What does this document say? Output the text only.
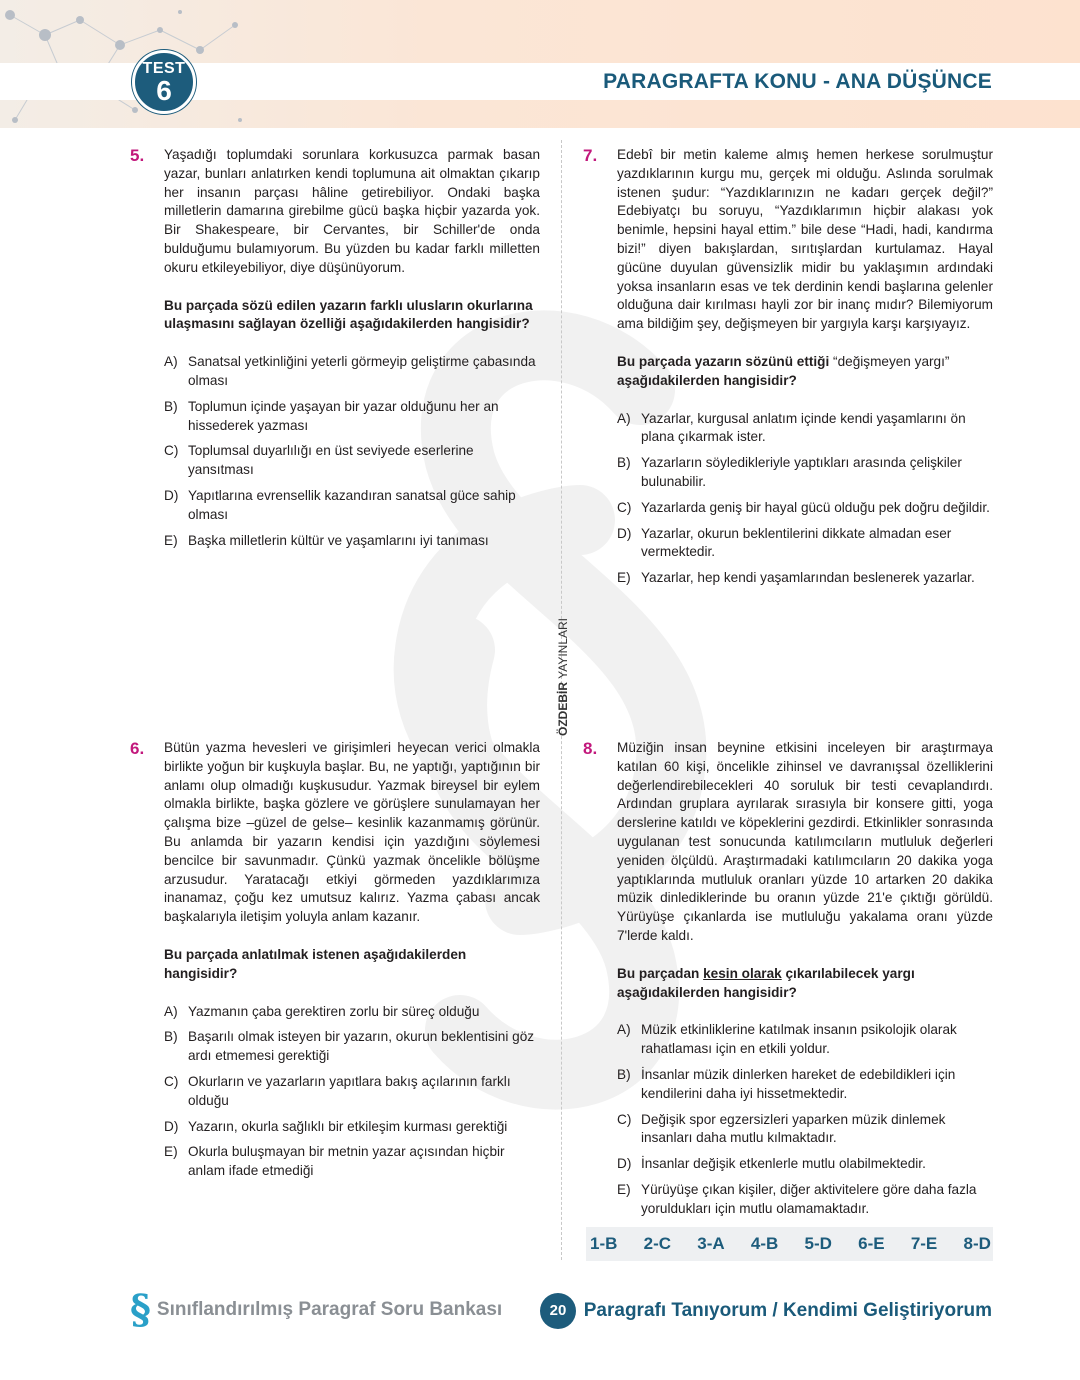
PARAGRAFTA KONU - ANA DÜŞÜNCE
TEST
6
ÖZDEBİR YAYINLARI
5. Yaşadığı toplumdaki sorunlara korkusuzca parmak basan yazar, bunları anlatırken kendi toplumuna ait olmaktan çıkarıp her insanın parçası hâline getirebiliyor. Ondaki başka milletlerin damarına girebilme gücü başka hiçbir yazarda yok. Bir Shakespeare, bir Cervantes, bir Schiller'de onda bulduğumu bulamıyorum. Bu yüzden bu kadar farklı milletten okuru etkileyebiliyor, diye düşünüyorum.
Bu parçada sözü edilen yazarın farklı ulusların okurlarına ulaşmasını sağlayan özelliği aşağıdakilerden hangisidir?
A) Sanatsal yetkinliğini yeterli görmeyip geliştirme çabasında olması
B) Toplumun içinde yaşayan bir yazar olduğunu her an hissederek yazması
C) Toplumsal duyarlılığı en üst seviyede eserlerine yansıtması
D) Yapıtlarına evrensellik kazandıran sanatsal güce sahip olması
E) Başka milletlerin kültür ve yaşamlarını iyi tanıması
6. Bütün yazma hevesleri ve girişimleri heyecan verici olmakla birlikte yoğun bir kuşkuyla başlar. Bu, ne yaptığı, yaptığının bir anlamı olup olmadığı kuşkusudur. Yazmak bireysel bir eylem olmakla birlikte, başka gözlere ve görüşlere sunulamayan her çalışma bize –güzel de gelse– kesinlik kazanmamış görünür. Bu anlamda bir yazarın kendisi için yazdığını söylemesi bencilce bir savunmadır. Çünkü yazmak öncelikle bölüşme arzusudur. Yaratacağı etkiyi görmeden yazdıklarımıza inanamaz, çoğu kez umutsuz kalırız. Yazma çabası ancak başkalarıyla iletişim yoluyla anlam kazanır.
Bu parçada anlatılmak istenen aşağıdakilerden hangisidir?
A) Yazmanın çaba gerektiren zorlu bir süreç olduğu
B) Başarılı olmak isteyen bir yazarın, okurun beklentisini göz ardı etmemesi gerektiği
C) Okurların ve yazarların yapıtlara bakış açılarının farklı olduğu
D) Yazarın, okurla sağlıklı bir etkileşim kurması gerektiği
E) Okurla buluşmayan bir metnin yazar açısından hiçbir anlam ifade etmediği
7. Edebî bir metin kaleme almış hemen herkese sorulmuştur yazdıklarının kurgu mu, gerçek mi olduğu. Aslında sorulmak istenen şudur: “Yazdıklarınızın ne kadarı gerçek değil?” Edebiyatçı bu soruyu, “Yazdıklarımın hiçbir alakası yok benimle, hepsini hayal ettim.” bile dese “Hadi, hadi, kandırma bizi!” diyen bakışlardan, sırıtışlardan kurtulamaz. Hayal gücüne duyulan güvensizlik midir bu yaklaşımın ardındaki yoksa insanların esas ve tek derdinin kendi başlarına gelenler olduğuna dair kırılması hayli zor bir inanç mıdır? Bilemiyorum ama bildiğim şey, değişmeyen bir yargıyla karşı karşıyayız.
Bu parçada yazarın sözünü ettiği “değişmeyen yargı” aşağıdakilerden hangisidir?
A) Yazarlar, kurgusal anlatım içinde kendi yaşamlarını ön plana çıkarmak ister.
B) Yazarların söyledikleriyle yaptıkları arasında çelişkiler bulunabilir.
C) Yazarlarda geniş bir hayal gücü olduğu pek doğru değildir.
D) Yazarlar, okurun beklentilerini dikkate almadan eser vermektedir.
E) Yazarlar, hep kendi yaşamlarından beslenerek yazarlar.
8. Müziğin insan beynine etkisini inceleyen bir araştırmaya katılan 60 kişi, öncelikle zihinsel ve davranışsal özelliklerini değerlendirebilecekleri 40 soruluk bir testi cevaplandırdı. Ardından gruplara ayrılarak sırasıyla bir konsere gitti, yoga derslerine katıldı ve köpeklerini gezdirdi. Etkinlikler sonrasında uygulanan test sonucunda katılımcıların mutluluk değerleri yeniden ölçüldü. Araştırmadaki katılımcıların 20 dakika yoga yaptıklarında mutluluk oranları yüzde 10 artarken 20 dakika müzik dinlediklerinde bu oranın yüzde 21'e çıktığı görüldü. Yürüyüşe çıkanlarda ise mutluluğu yakalama oranı yüzde 7'lerde kaldı.
Bu parçadan kesin olarak çıkarılabilecek yargı aşağıdakilerden hangisidir?
A) Müzik etkinliklerine katılmak insanın psikolojik olarak rahatlaması için en etkili yoldur.
B) İnsanlar müzik dinlerken hareket de edebildikleri için kendilerini daha iyi hissetmektedir.
C) Değişik spor egzersizleri yaparken müzik dinlemek insanları daha mutlu kılmaktadır.
D) İnsanlar değişik etkenlerle mutlu olabilmektedir.
E) Yürüyüşe çıkan kişiler, diğer aktivitelere göre daha fazla yoruldukları için mutlu olamamaktadır.
1-B 2-C 3-A 4-B 5-D 6-E 7-E 8-D
§ Sınıflandırılmış Paragraf Soru Bankası	20 Paragrafı Tanıyorum / Kendimi Geliştiriyorum
